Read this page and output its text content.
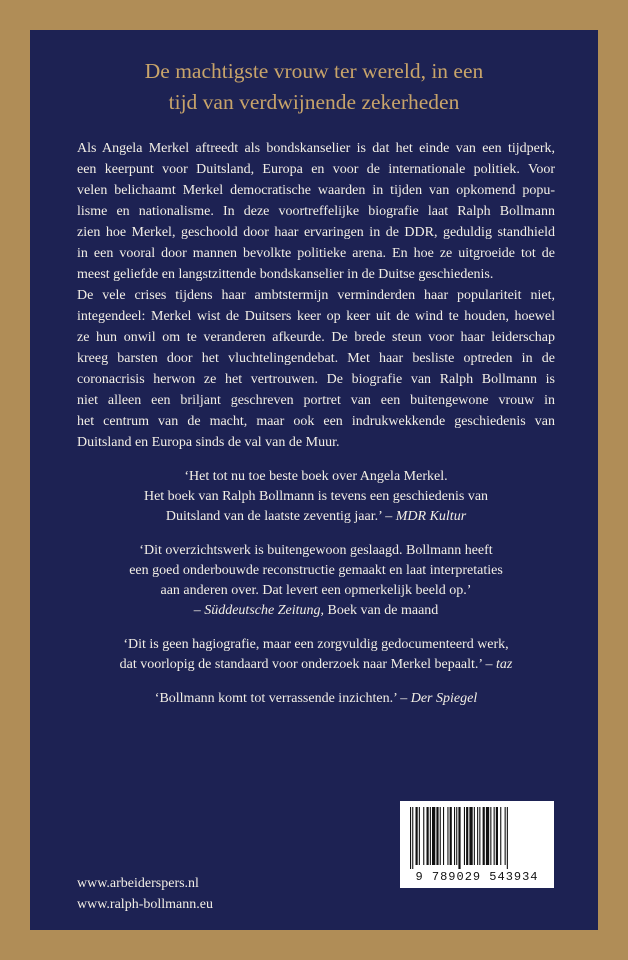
De machtigste vrouw ter wereld, in een
tijd van verdwijnende zekerheden
Als Angela Merkel aftreedt als bondskanselier is dat het einde van een tijdperk,
een keerpunt voor Duitsland, Europa en voor de internationale politiek. Voor
velen belichaamt Merkel democratische waarden in tijden van opkomend popu-
lisme en nationalisme. In deze voortreffelijke biografie laat Ralph Bollmann
zien hoe Merkel, geschoold door haar ervaringen in de DDR, geduldig standhield
in een vooral door mannen bevolkte politieke arena. En hoe ze uitgroeide tot de
meest geliefde en langstzittende bondskanselier in de Duitse geschiedenis.
De vele crises tijdens haar ambtstermijn verminderden haar populariteit niet,
integendeel: Merkel wist de Duitsers keer op keer uit de wind te houden, hoewel
ze hun onwil om te veranderen afkeurde. De brede steun voor haar leiderschap
kreeg barsten door het vluchtelingendebat. Met haar besliste optreden in de
coronacrisis herwon ze het vertrouwen. De biografie van Ralph Bollmann is
niet alleen een briljant geschreven portret van een buitengewone vrouw in
het centrum van de macht, maar ook een indrukwekkende geschiedenis van
Duitsland en Europa sinds de val van de Muur.
‘Het tot nu toe beste boek over Angela Merkel.
Het boek van Ralph Bollmann is tevens een geschiedenis van
Duitsland van de laatste zeventig jaar.’ – MDR Kultur
‘Dit overzichtswerk is buitengewoon geslaagd. Bollmann heeft
een goed onderbouwde reconstructie gemaakt en laat interpretaties
aan anderen over. Dat levert een opmerkelijk beeld op.’
– Süddeutsche Zeitung, Boek van de maand
‘Dit is geen hagiografie, maar een zorgvuldig gedocumenteerd werk,
dat voorlopig de standaard voor onderzoek naar Merkel bepaalt.’ – taz
‘Bollmann komt tot verrassende inzichten.’ – Der Spiegel
9 789029 543934
www.arbeiderspers.nl
www.ralph-bollmann.eu
